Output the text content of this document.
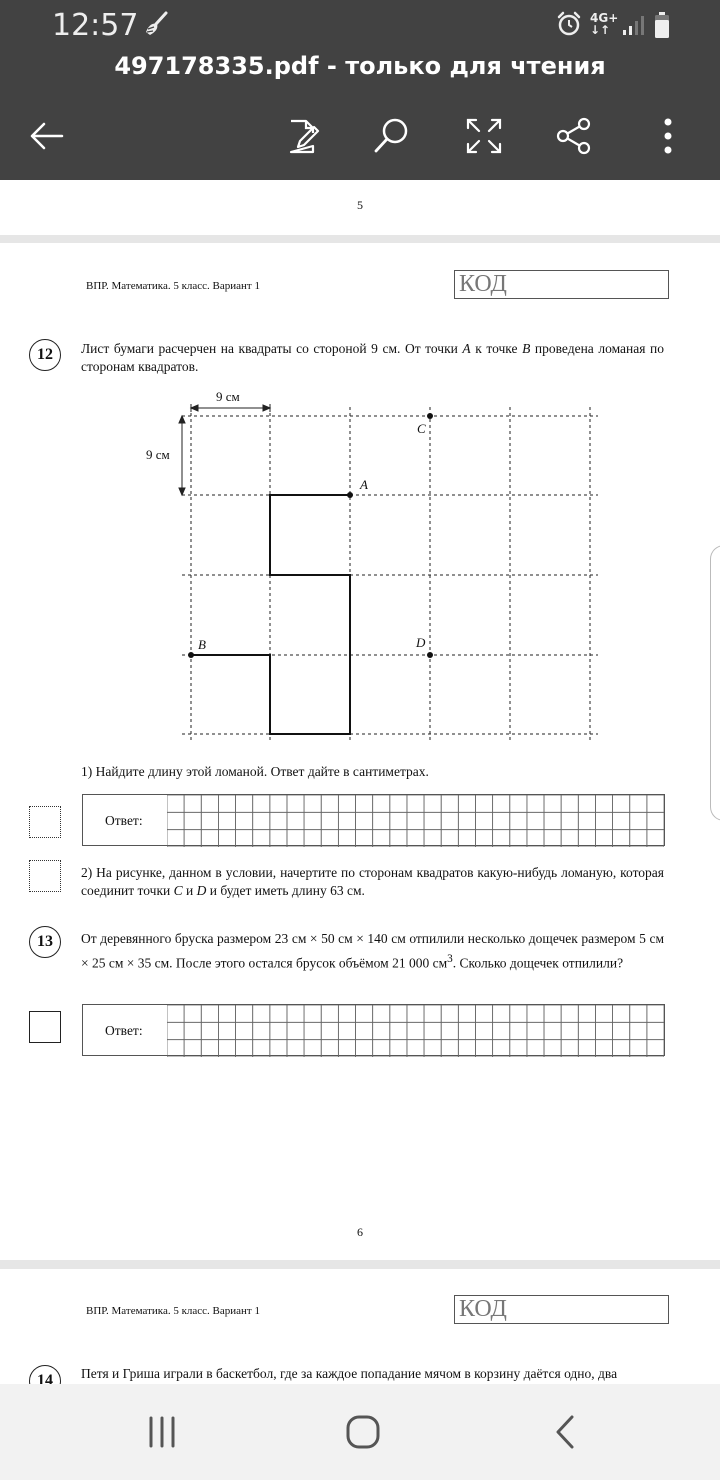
12:57	4G+
↓↑
497178335.pdf - только для чтения
5
ВПР. Математика. 5 класс. Вариант 1	КОД
12	Лист бумаги расчерчен на квадраты со стороной 9 см. От точки А к точке В проведена ломаная по сторонам квадратов.
9 см
9 см
A
B
C
D
1) Найдите длину этой ломаной. Ответ дайте в сантиметрах.
Ответ:
2) На рисунке, данном в условии, начертите по сторонам квадратов какую-нибудь ломаную, которая соединит точки C и D и будет иметь длину 63 см.
13	От деревянного бруска размером 23 см × 50 см × 140 см отпилили несколько дощечек размером 5 см × 25 см × 35 см. После этого остался брусок объёмом 21 000 $см^3$. Сколько дощечек отпилили?
Ответ:
6
ВПР. Математика. 5 класс. Вариант 1	КОД
14	Петя и Гриша играли в баскетбол, где за каждое попадание мячом в корзину даётся одно, два
